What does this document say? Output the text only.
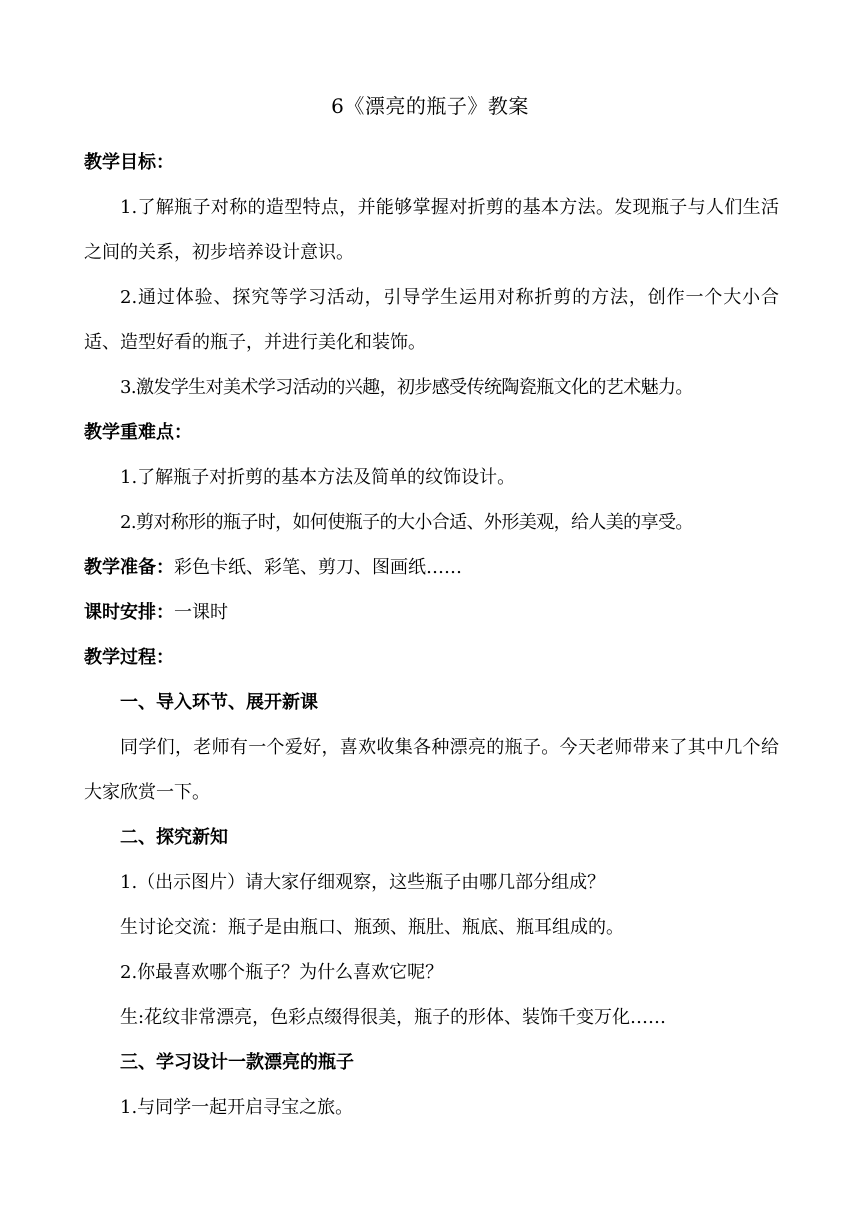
6《漂亮的瓶子》教案

教学目标：

1.了解瓶子对称的造型特点，并能够掌握对折剪的基本方法。发现瓶子与人们生活之间的关系，初步培养设计意识。

2.通过体验、探究等学习活动，引导学生运用对称折剪的方法，创作一个大小合适、造型好看的瓶子，并进行美化和装饰。

3.激发学生对美术学习活动的兴趣，初步感受传统陶瓷瓶文化的艺术魅力。

教学重难点：

1.了解瓶子对折剪的基本方法及简单的纹饰设计。

2.剪对称形的瓶子时，如何使瓶子的大小合适、外形美观，给人美的享受。

教学准备：彩色卡纸、彩笔、剪刀、图画纸……

课时安排：一课时

教学过程：

一、导入环节、展开新课

同学们，老师有一个爱好，喜欢收集各种漂亮的瓶子。今天老师带来了其中几个给大家欣赏一下。

二、探究新知

1.（出示图片）请大家仔细观察，这些瓶子由哪几部分组成？

生讨论交流：瓶子是由瓶口、瓶颈、瓶肚、瓶底、瓶耳组成的。

2.你最喜欢哪个瓶子？为什么喜欢它呢？

生:花纹非常漂亮，色彩点缀得很美，瓶子的形体、装饰千变万化……

三、学习设计一款漂亮的瓶子

1.与同学一起开启寻宝之旅。
